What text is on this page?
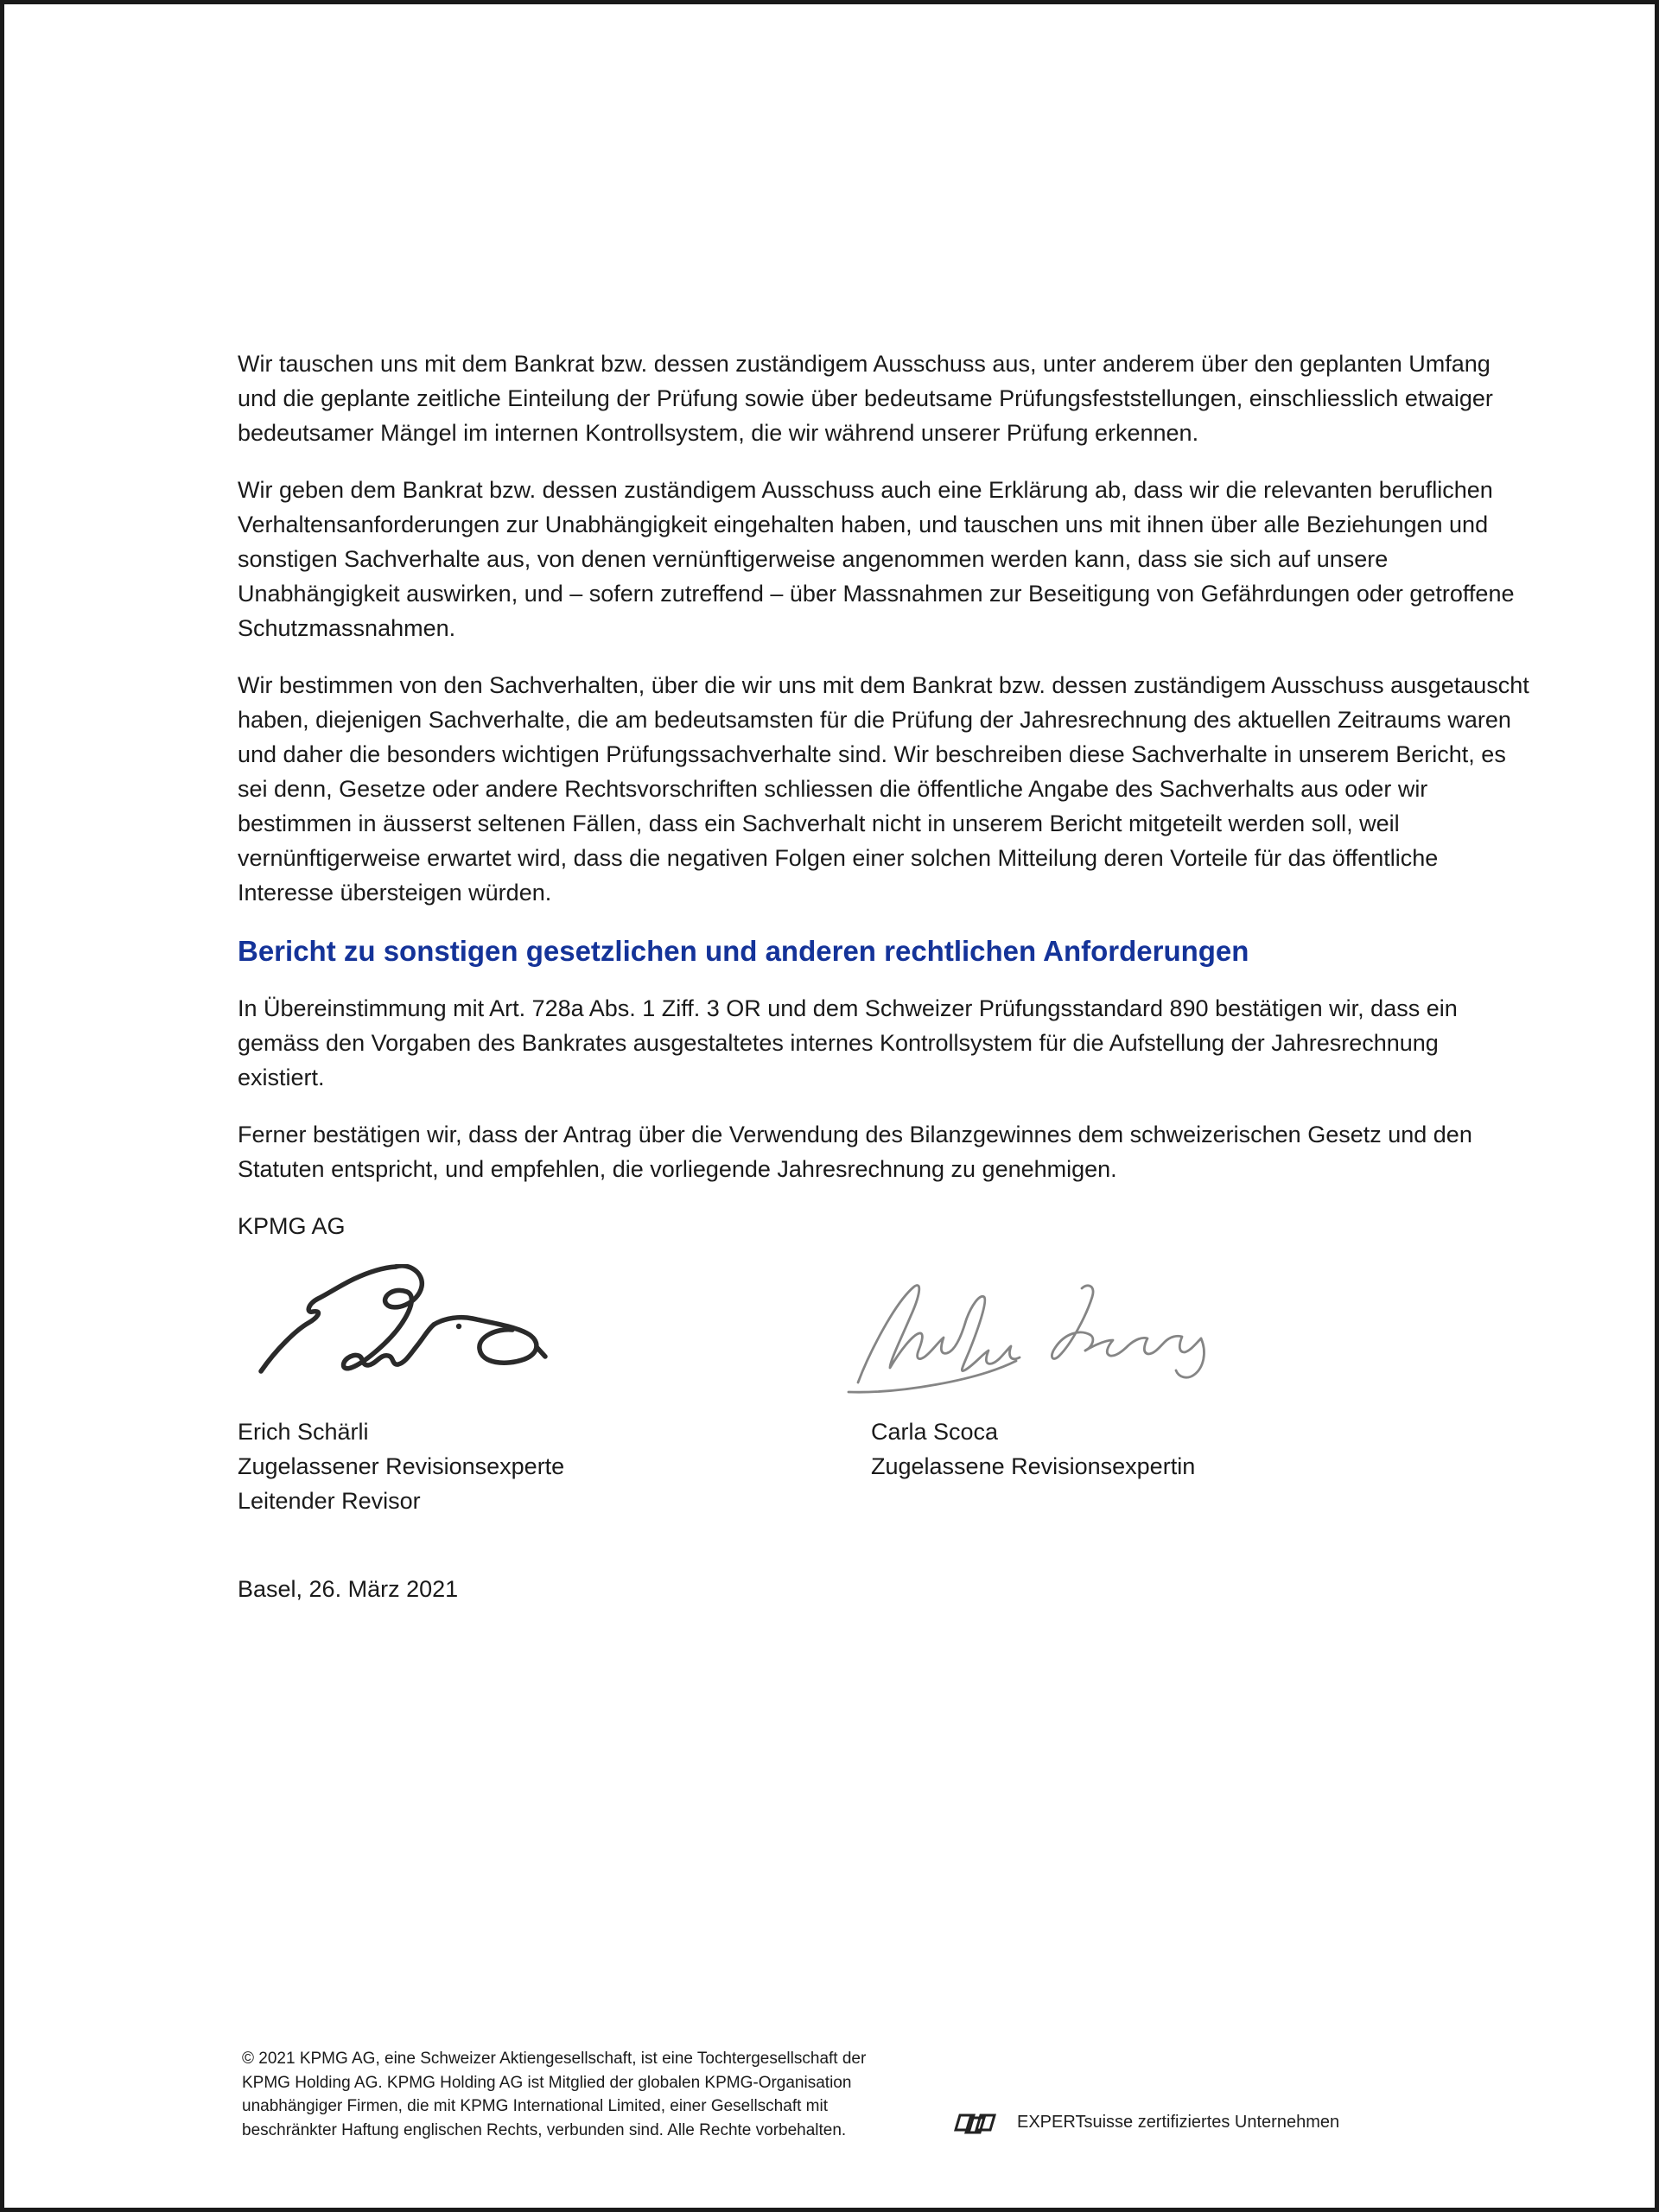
Wir tauschen uns mit dem Bankrat bzw. dessen zuständigem Ausschuss aus, unter anderem über den geplanten Umfang und die geplante zeitliche Einteilung der Prüfung sowie über bedeutsame Prüfungsfeststellungen, einschliesslich etwaiger bedeutsamer Mängel im internen Kontrollsystem, die wir während unserer Prüfung erkennen.

Wir geben dem Bankrat bzw. dessen zuständigem Ausschuss auch eine Erklärung ab, dass wir die relevanten beruflichen Verhaltensanforderungen zur Unabhängigkeit eingehalten haben, und tauschen uns mit ihnen über alle Beziehungen und sonstigen Sachverhalte aus, von denen vernünftigerweise angenommen werden kann, dass sie sich auf unsere Unabhängigkeit auswirken, und – sofern zutreffend – über Massnahmen zur Beseitigung von Gefährdungen oder getroffene Schutzmassnahmen.

Wir bestimmen von den Sachverhalten, über die wir uns mit dem Bankrat bzw. dessen zuständigem Ausschuss ausgetauscht haben, diejenigen Sachverhalte, die am bedeutsamsten für die Prüfung der Jahresrechnung des aktuellen Zeitraums waren und daher die besonders wichtigen Prüfungssachverhalte sind. Wir beschreiben diese Sachverhalte in unserem Bericht, es sei denn, Gesetze oder andere Rechtsvorschriften schliessen die öffentliche Angabe des Sachverhalts aus oder wir bestimmen in äusserst seltenen Fällen, dass ein Sachverhalt nicht in unserem Bericht mitgeteilt werden soll, weil vernünftigerweise erwartet wird, dass die negativen Folgen einer solchen Mitteilung deren Vorteile für das öffentliche Interesse übersteigen würden.

Bericht zu sonstigen gesetzlichen und anderen rechtlichen Anforderungen

In Übereinstimmung mit Art. 728a Abs. 1 Ziff. 3 OR und dem Schweizer Prüfungsstandard 890 bestätigen wir, dass ein gemäss den Vorgaben des Bankrates ausgestaltetes internes Kontrollsystem für die Aufstellung der Jahresrechnung existiert.

Ferner bestätigen wir, dass der Antrag über die Verwendung des Bilanzgewinnes dem schweizerischen Gesetz und den Statuten entspricht, und empfehlen, die vorliegende Jahresrechnung zu genehmigen.

KPMG AG
Erich Schärli
Zugelassener Revisionsexperte
Leitender Revisor
Carla Scoca
Zugelassene Revisionsexpertin
Basel, 26. März 2021
© 2021 KPMG AG, eine Schweizer Aktiengesellschaft, ist eine Tochtergesellschaft der
KPMG Holding AG. KPMG Holding AG ist Mitglied der globalen KPMG-Organisation
unabhängiger Firmen, die mit KPMG International Limited, einer Gesellschaft mit
beschränkter Haftung englischen Rechts, verbunden sind. Alle Rechte vorbehalten.	EXPERTsuisse zertifiziertes Unternehmen
